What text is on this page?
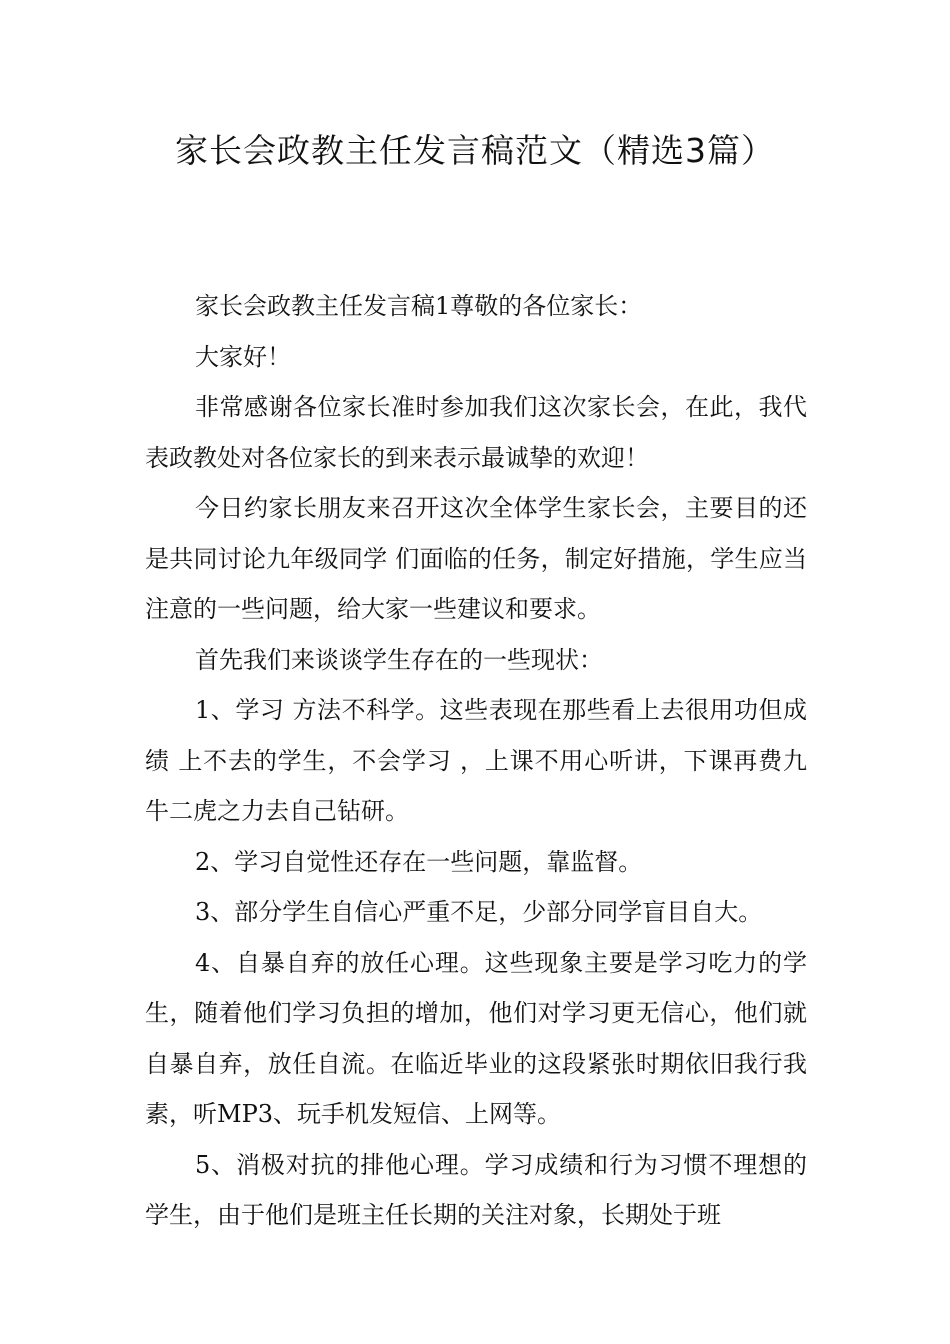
家长会政教主任发言稿范文（精选3篇）

家长会政教主任发言稿1尊敬的各位家长：

大家好！

非常感谢各位家长准时参加我们这次家长会，在此，我代表政教处对各位家长的到来表示最诚挚的欢迎！

今日约家长朋友来召开这次全体学生家长会，主要目的还是共同讨论九年级同学 们面临的任务，制定好措施，学生应当注意的一些问题，给大家一些建议和要求。

首先我们来谈谈学生存在的一些现状：

1、学习 方法不科学。这些表现在那些看上去很用功但成绩 上不去的学生，不会学习 ，上课不用心听讲，下课再费九牛二虎之力去自己钻研。

2、学习自觉性还存在一些问题，靠监督。

3、部分学生自信心严重不足，少部分同学盲目自大。

4、自暴自弃的放任心理。这些现象主要是学习吃力的学生，随着他们学习负担的增加，他们对学习更无信心，他们就自暴自弃，放任自流。在临近毕业的这段紧张时期依旧我行我素，听MP3、玩手机发短信、上网等。

5、消极对抗的排他心理。学习成绩和行为习惯不理想的学生，由于他们是班主任长期的关注对象，长期处于班
